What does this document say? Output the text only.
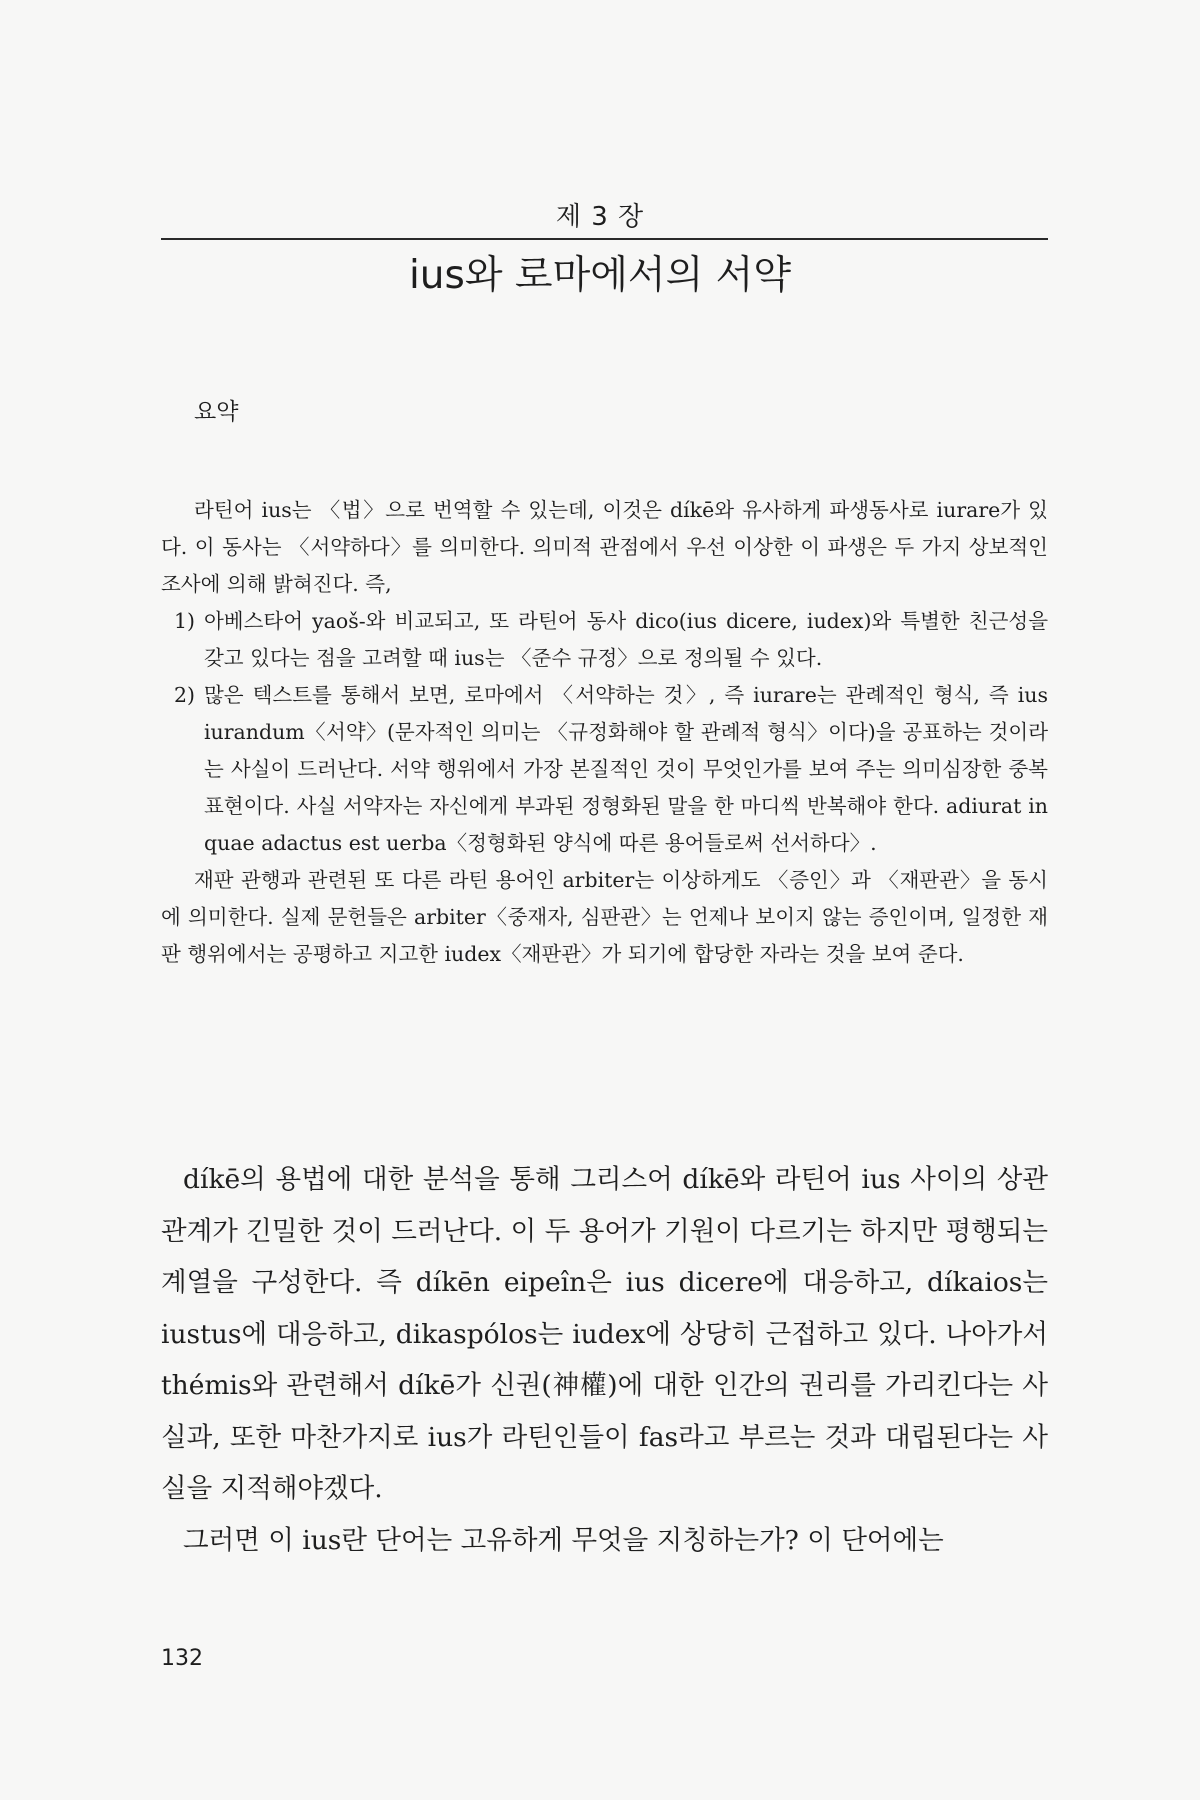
제 3 장
ius와 로마에서의 서약
요약

라틴어 ius는 〈법〉으로 번역할 수 있는데, 이것은 díkē와 유사하게 파생동사로 iurare가 있다. 이 동사는 〈서약하다〉를 의미한다. 의미적 관점에서 우선 이상한 이 파생은 두 가지 상보적인 조사에 의해 밝혀진다. 즉,

1) 아베스타어 yaoš-와 비교되고, 또 라틴어 동사 dico(ius dicere, iudex)와 특별한 친근성을 갖고 있다는 점을 고려할 때 ius는 〈준수 규정〉으로 정의될 수 있다.
2) 많은 텍스트를 통해서 보면, 로마에서 〈서약하는 것〉, 즉 iurare는 관례적인 형식, 즉 ius iurandum〈서약〉(문자적인 의미는 〈규정화해야 할 관례적 형식〉이다)을 공표하는 것이라는 사실이 드러난다. 서약 행위에서 가장 본질적인 것이 무엇인가를 보여 주는 의미심장한 중복 표현이다. 사실 서약자는 자신에게 부과된 정형화된 말을 한 마디씩 반복해야 한다. adiurat in quae adactus est uerba〈정형화된 양식에 따른 용어들로써 선서하다〉.

재판 관행과 관련된 또 다른 라틴 용어인 arbiter는 이상하게도 〈증인〉과 〈재판관〉을 동시에 의미한다. 실제 문헌들은 arbiter〈중재자, 심판관〉는 언제나 보이지 않는 증인이며, 일정한 재판 행위에서는 공평하고 지고한 iudex〈재판관〉가 되기에 합당한 자라는 것을 보여 준다.

díkē의 용법에 대한 분석을 통해 그리스어 díkē와 라틴어 ius 사이의 상관 관계가 긴밀한 것이 드러난다. 이 두 용어가 기원이 다르기는 하지만 평행되는 계열을 구성한다. 즉 díkēn eipeîn은 ius dicere에 대응하고, díkaios는 iustus에 대응하고, dikaspólos는 iudex에 상당히 근접하고 있다. 나아가서 thémis와 관련해서 díkē가 신권(神權)에 대한 인간의 권리를 가리킨다는 사실과, 또한 마찬가지로 ius가 라틴인들이 fas라고 부르는 것과 대립된다는 사실을 지적해야겠다.

그러면 이 ius란 단어는 고유하게 무엇을 지칭하는가? 이 단어에는

132
